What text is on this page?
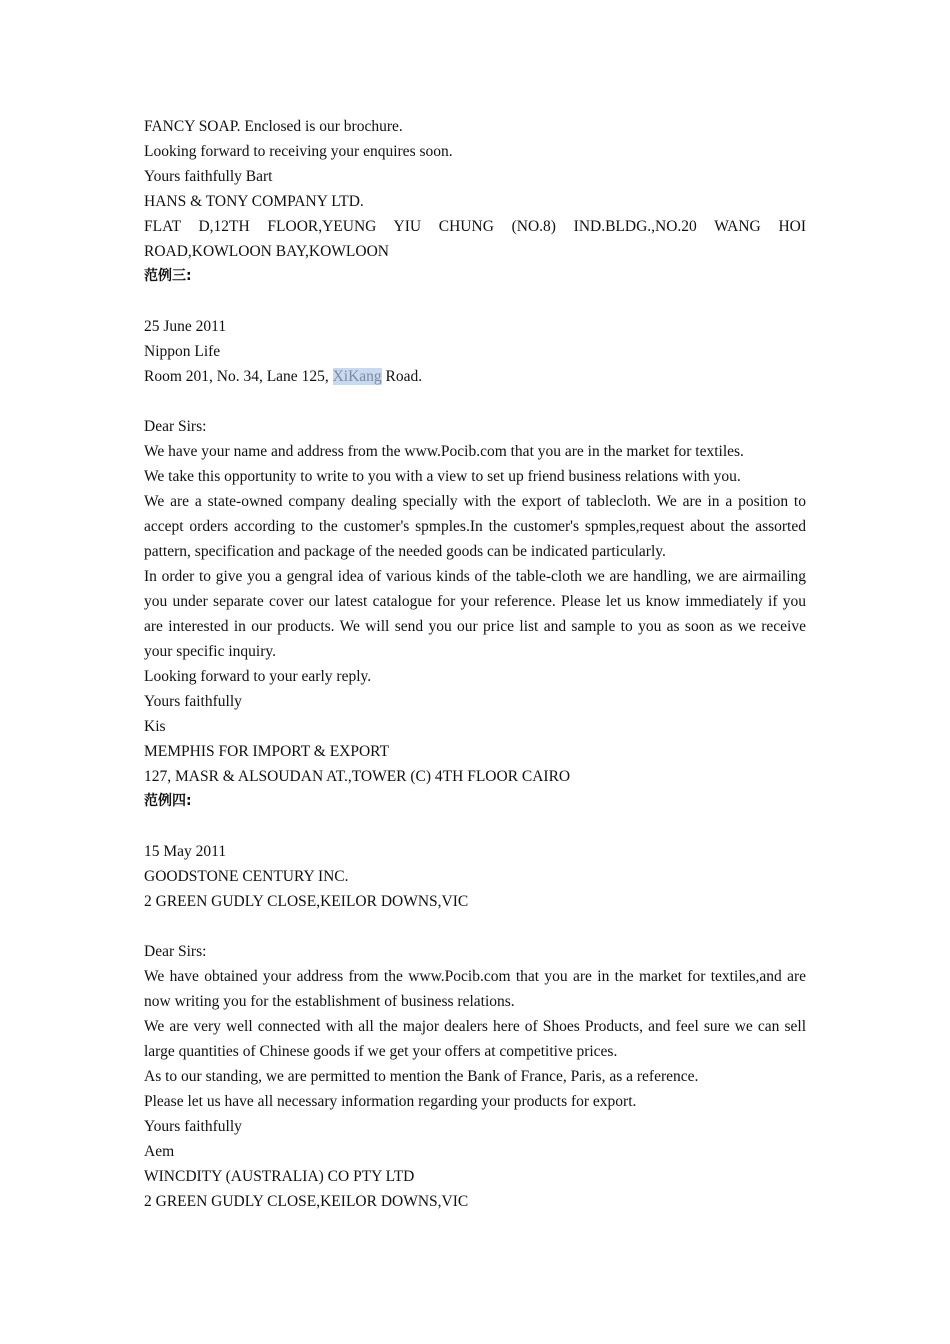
FANCY SOAP. Enclosed is our brochure.
Looking forward to receiving your enquires soon.
Yours faithfully Bart
HANS & TONY COMPANY LTD.
FLAT D,12TH FLOOR,YEUNG YIU CHUNG (NO.8) IND.BLDG.,NO.20 WANG HOI ROAD,KOWLOON BAY,KOWLOON
范例三:
25 June 2011
Nippon Life
Room 201, No. 34, Lane 125, XiKang Road.
Dear Sirs:
We have your name and address from the www.Pocib.com that you are in the market for textiles.
We take this opportunity to write to you with a view to set up friend business relations with you.
We are a state-owned company dealing specially with the export of tablecloth. We are in a position to accept orders according to the customer's spmples.In the customer's spmples,request about the assorted pattern, specification and package of the needed goods can be indicated particularly.
In order to give you a gengral idea of various kinds of the table-cloth we are handling, we are airmailing you under separate cover our latest catalogue for your reference. Please let us know immediately if you are interested in our products. We will send you our price list and sample to you as soon as we receive your specific inquiry.
Looking forward to your early reply.
Yours faithfully
Kis
MEMPHIS FOR IMPORT & EXPORT
127, MASR & ALSOUDAN AT.,TOWER (C) 4TH FLOOR CAIRO
范例四:
15 May 2011
GOODSTONE CENTURY INC.
2 GREEN GUDLY CLOSE,KEILOR DOWNS,VIC
Dear Sirs:
We have obtained your address from the www.Pocib.com that you are in the market for textiles,and are now writing you for the establishment of business relations.
We are very well connected with all the major dealers here of Shoes Products, and feel sure we can sell large quantities of Chinese goods if we get your offers at competitive prices.
As to our standing, we are permitted to mention the Bank of France, Paris, as a reference.
Please let us have all necessary information regarding your products for export.
Yours faithfully
Aem
WINCDITY (AUSTRALIA) CO PTY LTD
2 GREEN GUDLY CLOSE,KEILOR DOWNS,VIC
